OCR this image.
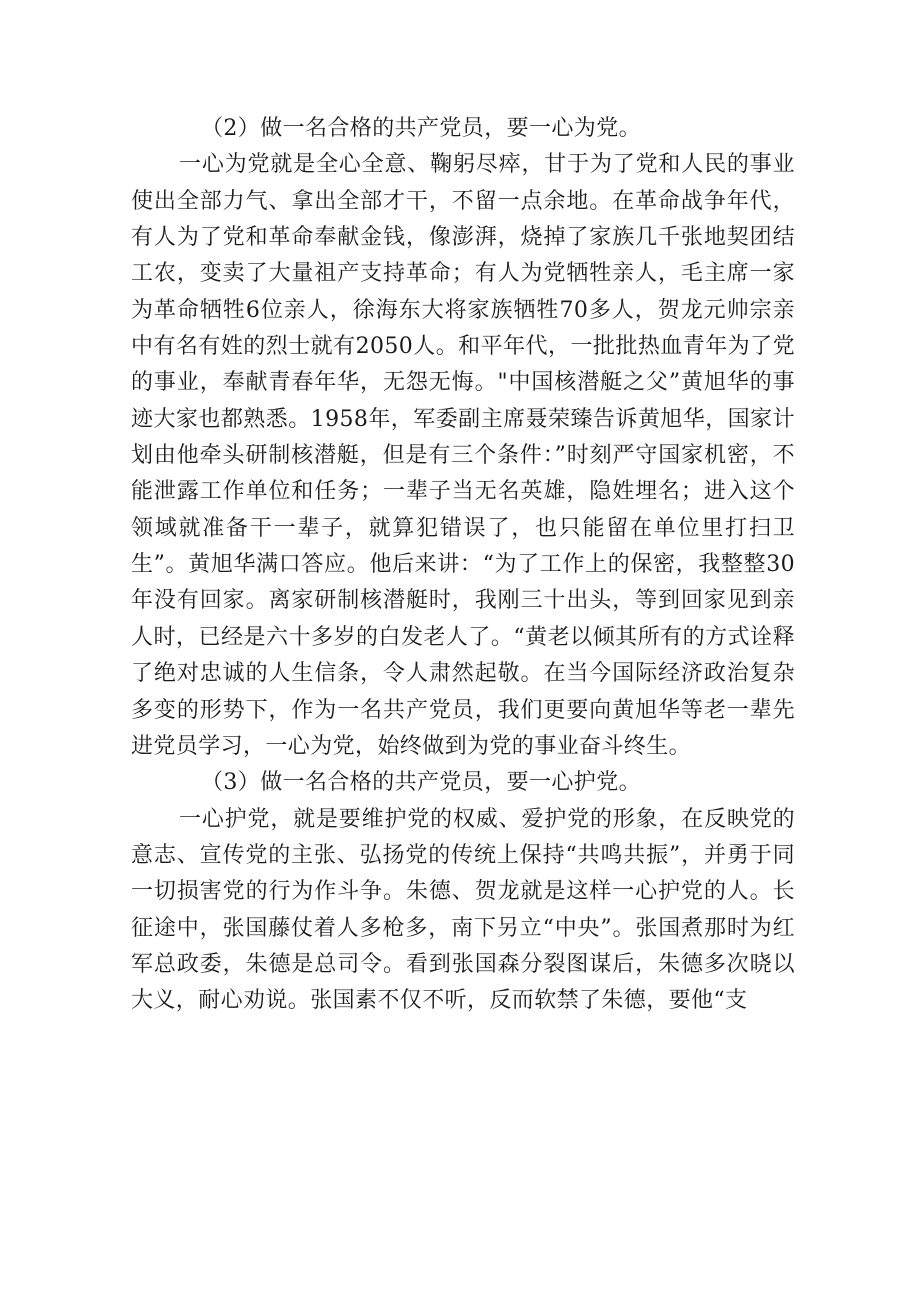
（2）做一名合格的共产党员，要一心为党。

一心为党就是全心全意、鞠躬尽瘁，甘于为了党和人民的事业使出全部力气、拿出全部才干，不留一点余地。在革命战争年代，有人为了党和革命奉献金钱，像澎湃，烧掉了家族几千张地契团结工农，变卖了大量祖产支持革命；有人为党牺牲亲人，毛主席一家为革命牺牲6位亲人，徐海东大将家族牺牲70多人，贺龙元帅宗亲中有名有姓的烈士就有2050人。和平年代，一批批热血青年为了党的事业，奉献青春年华，无怨无悔。"中国核潜艇之父”黄旭华的事迹大家也都熟悉。1958年，军委副主席聂荣臻告诉黄旭华，国家计划由他牵头研制核潜艇，但是有三个条件：”时刻严守国家机密，不能泄露工作单位和任务；一辈子当无名英雄，隐姓埋名；进入这个领域就准备干一辈子，就算犯错误了，也只能留在单位里打扫卫生”。黄旭华满口答应。他后来讲：“为了工作上的保密，我整整30年没有回家。离家研制核潜艇时，我刚三十出头，等到回家见到亲人时，已经是六十多岁的白发老人了。“黄老以倾其所有的方式诠释了绝对忠诚的人生信条，令人肃然起敬。在当今国际经济政治复杂多变的形势下，作为一名共产党员，我们更要向黄旭华等老一辈先进党员学习，一心为党，始终做到为党的事业奋斗终生。

（3）做一名合格的共产党员，要一心护党。

一心护党，就是要维护党的权威、爱护党的形象，在反映党的意志、宣传党的主张、弘扬党的传统上保持“共鸣共振”，并勇于同一切损害党的行为作斗争。朱德、贺龙就是这样一心护党的人。长征途中，张国藤仗着人多枪多，南下另立“中央”。张国煮那时为红军总政委，朱德是总司令。看到张国森分裂图谋后，朱德多次晓以大义，耐心劝说。张国素不仅不听，反而软禁了朱德，要他“支
